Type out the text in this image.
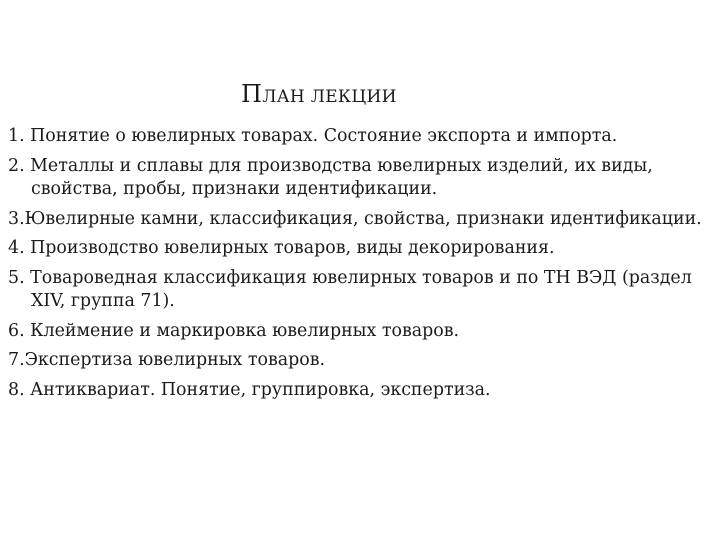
ПЛАН ЛЕКЦИИ
1. Понятие о ювелирных товарах. Состояние экспорта и импорта.
2. Металлы и сплавы для производства ювелирных изделий, их виды, свойства, пробы, признаки идентификации.
3.Ювелирные камни, классификация, свойства, признаки идентификации.
4. Производство ювелирных товаров, виды декорирования.
5. Товароведная классификация ювелирных товаров и по ТН ВЭД (раздел XIV, группа 71).
6. Клеймение и маркировка ювелирных товаров.
7.Экспертиза ювелирных товаров.
8. Антиквариат. Понятие, группировка, экспертиза.
